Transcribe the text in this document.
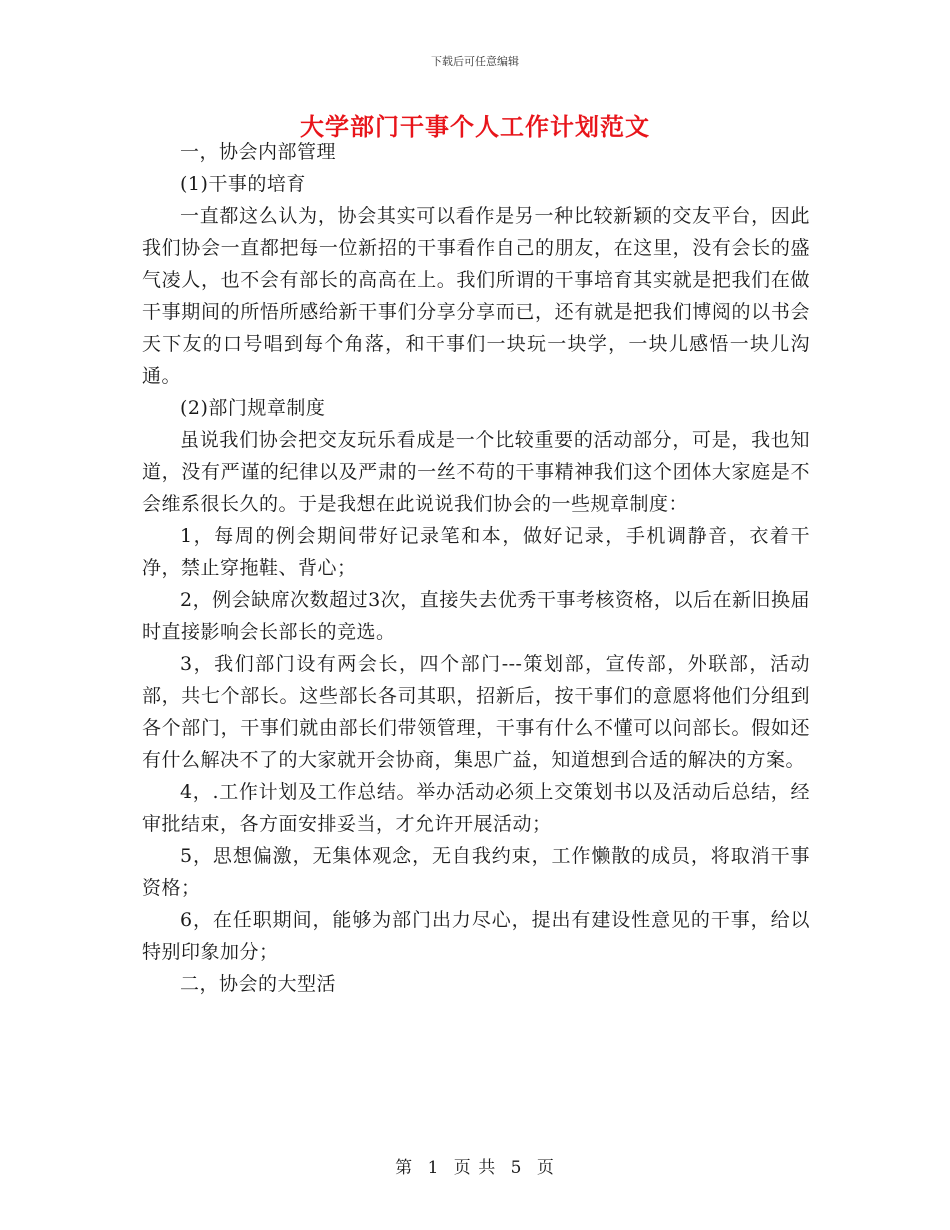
下载后可任意编辑
大学部门干事个人工作计划范文

一，协会内部管理

(1)干事的培育

一直都这么认为，协会其实可以看作是另一种比较新颖的交友平台，因此我们协会一直都把每一位新招的干事看作自己的朋友，在这里，没有会长的盛气凌人，也不会有部长的高高在上。我们所谓的干事培育其实就是把我们在做干事期间的所悟所感给新干事们分享分享而已，还有就是把我们博阅的以书会天下友的口号唱到每个角落，和干事们一块玩一块学，一块儿感悟一块儿沟通。

(2)部门规章制度

虽说我们协会把交友玩乐看成是一个比较重要的活动部分，可是，我也知道，没有严谨的纪律以及严肃的一丝不苟的干事精神我们这个团体大家庭是不会维系很长久的。于是我想在此说说我们协会的一些规章制度：

1，每周的例会期间带好记录笔和本，做好记录，手机调静音，衣着干净，禁止穿拖鞋、背心；

2，例会缺席次数超过3次，直接失去优秀干事考核资格，以后在新旧换届时直接影响会长部长的竞选。

3，我们部门设有两会长，四个部门---策划部，宣传部，外联部，活动部，共七个部长。这些部长各司其职，招新后，按干事们的意愿将他们分组到各个部门，干事们就由部长们带领管理，干事有什么不懂可以问部长。假如还有什么解决不了的大家就开会协商，集思广益，知道想到合适的解决的方案。

4，.工作计划及工作总结。举办活动必须上交策划书以及活动后总结，经审批结束，各方面安排妥当，才允许开展活动；

5，思想偏激，无集体观念，无自我约束，工作懒散的成员，将取消干事资格；

6，在任职期间，能够为部门出力尽心，提出有建设性意见的干事，给以特别印象加分；

二，协会的大型活

第 1 页 共 5 页
